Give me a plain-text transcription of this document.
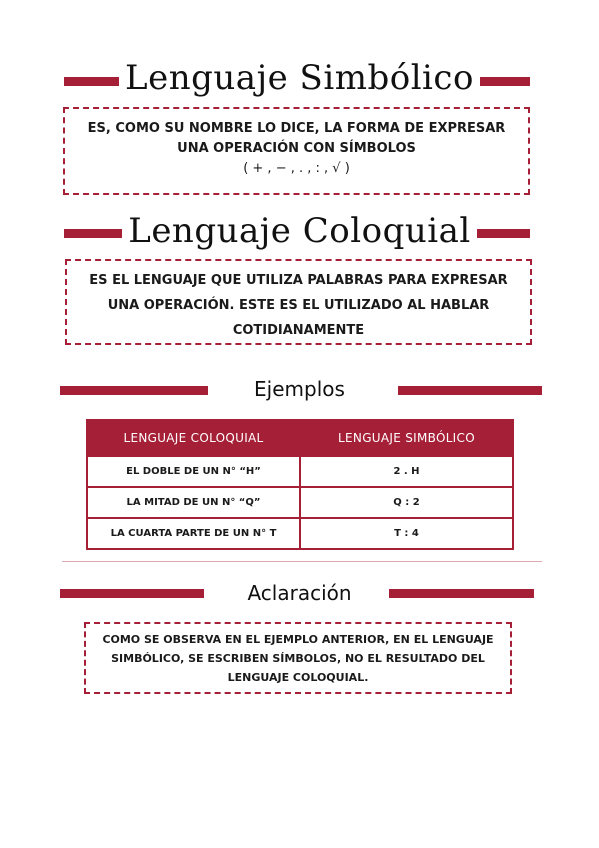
Lenguaje Simbólico

ES, COMO SU NOMBRE LO DICE, LA FORMA DE EXPRESAR

UNA OPERACIÓN CON SÍMBOLOS

( + , − , . , : , √ )

Lenguaje Coloquial

ES EL LENGUAJE QUE UTILIZA PALABRAS PARA EXPRESAR

UNA OPERACIÓN. ESTE ES EL UTILIZADO AL HABLAR

COTIDIANAMENTE

Ejemplos
LENGUAJE COLOQUIAL	LENGUAJE SIMBÓLICO
EL DOBLE DE UN N° “H”	2 . H
LA MITAD DE UN N° “Q”	Q : 2
LA CUARTA PARTE DE UN N° T	T : 4
Aclaración

COMO SE OBSERVA EN EL EJEMPLO ANTERIOR, EN EL LENGUAJE

SIMBÓLICO, SE ESCRIBEN SÍMBOLOS, NO EL RESULTADO DEL

LENGUAJE COLOQUIAL.
